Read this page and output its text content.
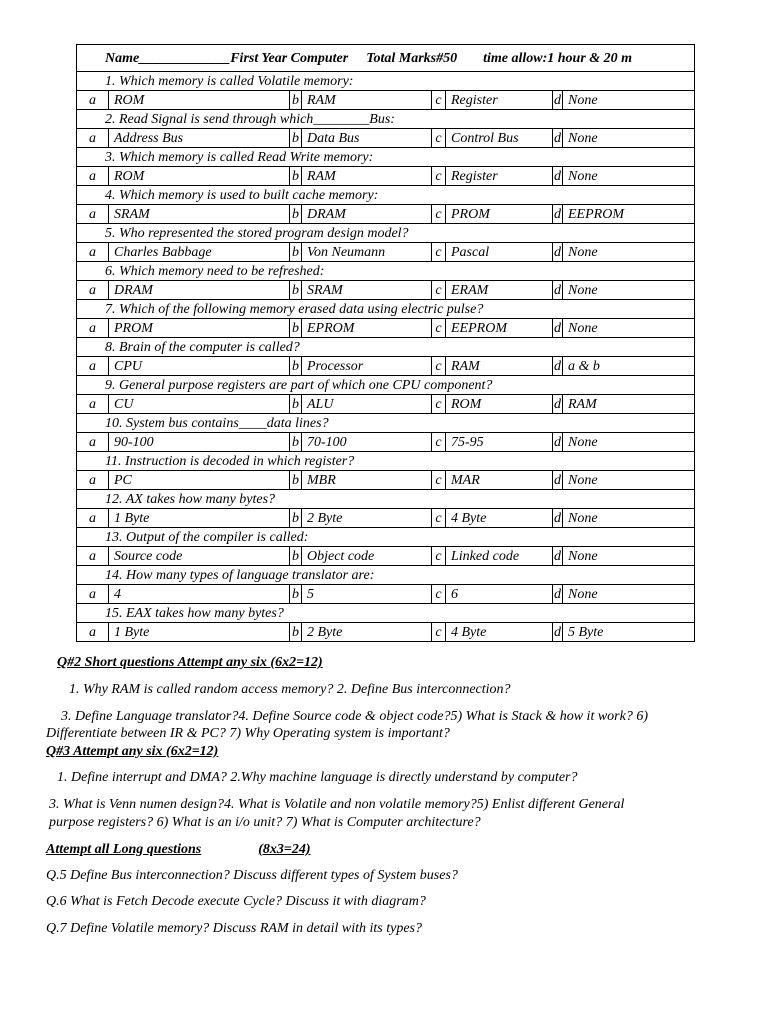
Name_____________First Year Computer Total Marks#50 time allow:1 hour & 20 m							
1. Which memory is called Volatile memory:							
a	ROM	b	RAM	c	Register	d	None
2. Read Signal is send through which________Bus:							
a	Address Bus	b	Data Bus	c	Control Bus	d	None
3. Which memory is called Read Write memory:							
a	ROM	b	RAM	c	Register	d	None
4. Which memory is used to built cache memory:							
a	SRAM	b	DRAM	c	PROM	d	EEPROM
5. Who represented the stored program design model?							
a	Charles Babbage	b	Von Neumann	c	Pascal	d	None
6. Which memory need to be refreshed:							
a	DRAM	b	SRAM	c	ERAM	d	None
7. Which of the following memory erased data using electric pulse?							
a	PROM	b	EPROM	c	EEPROM	d	None
8. Brain of the computer is called?							
a	CPU	b	Processor	c	RAM	d	a & b
9. General purpose registers are part of which one CPU component?							
a	CU	b	ALU	c	ROM	d	RAM
10. System bus contains____data lines?							
a	90-100	b	70-100	c	75-95	d	None
11. Instruction is decoded in which register?							
a	PC	b	MBR	c	MAR	d	None
12. AX takes how many bytes?							
a	1 Byte	b	2 Byte	c	4 Byte	d	None
13. Output of the compiler is called:							
a	Source code	b	Object code	c	Linked code	d	None
14. How many types of language translator are:							
a	4	b	5	c	6	d	None
15. EAX takes how many bytes?							
a	1 Byte	b	2 Byte	c	4 Byte	d	5 Byte
Q#2 Short questions Attempt any six (6x2=12)
1. Why RAM is called random access memory? 2. Define Bus interconnection?
3. Define Language translator?4. Define Source code & object code?5) What is Stack & how it work? 6)
Differentiate between IR & PC? 7) Why Operating system is important?
Q#3 Attempt any six (6x2=12)
1. Define interrupt and DMA? 2.Why machine language is directly understand by computer?
3. What is Venn numen design?4. What is Volatile and non volatile memory?5) Enlist different General
purpose registers? 6) What is an i/o unit? 7) What is Computer architecture?
Attempt all Long questions	(8x3=24)
Q.5 Define Bus interconnection? Discuss different types of System buses?
Q.6 What is Fetch Decode execute Cycle? Discuss it with diagram?
Q.7 Define Volatile memory? Discuss RAM in detail with its types?
